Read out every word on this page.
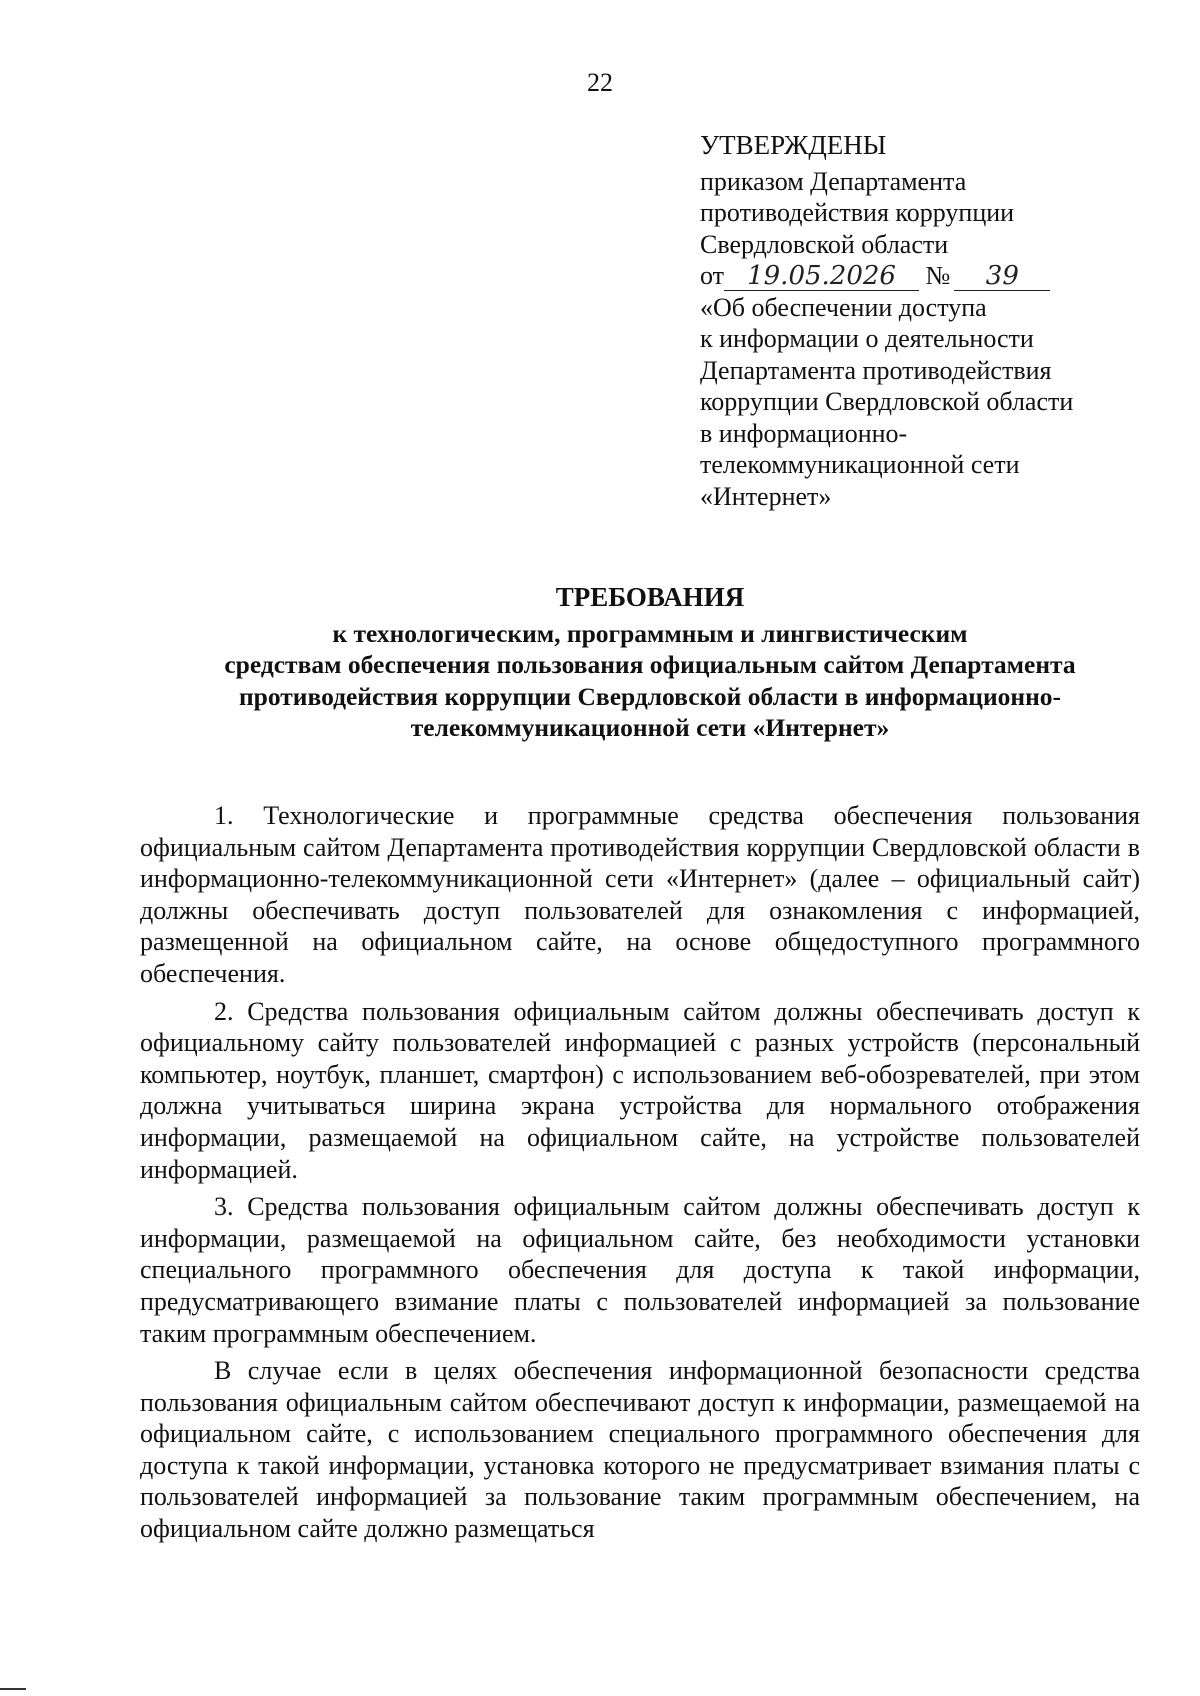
22
УТВЕРЖДЕНЫ
приказом Департамента
противодействия коррупции
Свердловской области
от 19.05.2026 № 39
«Об обеспечении доступа
к информации о деятельности
Департамента противодействия
коррупции Свердловской области
в информационно-
телекоммуникационной сети
«Интернет»
ТРЕБОВАНИЯ
к технологическим, программным и лингвистическим
средствам обеспечения пользования официальным сайтом Департамента
противодействия коррупции Свердловской области в информационно-
телекоммуникационной сети «Интернет»

1. Технологические и программные средства обеспечения пользования официальным сайтом Департамента противодействия коррупции Свердловской области в информационно-телекоммуникационной сети «Интернет» (далее – официальный сайт) должны обеспечивать доступ пользователей для ознакомления с информацией, размещенной на официальном сайте, на основе общедоступного программного обеспечения.

2. Средства пользования официальным сайтом должны обеспечивать доступ к официальному сайту пользователей информацией с разных устройств (персональный компьютер, ноутбук, планшет, смартфон) с использованием веб-обозревателей, при этом должна учитываться ширина экрана устройства для нормального отображения информации, размещаемой на официальном сайте, на устройстве пользователей информацией.

3. Средства пользования официальным сайтом должны обеспечивать доступ к информации, размещаемой на официальном сайте, без необходимости установки специального программного обеспечения для доступа к такой информации, предусматривающего взимание платы с пользователей информацией за пользование таким программным обеспечением.

В случае если в целях обеспечения информационной безопасности средства пользования официальным сайтом обеспечивают доступ к информации, размещаемой на официальном сайте, с использованием специального программного обеспечения для доступа к такой информации, установка которого не предусматривает взимания платы с пользователей информацией за пользование таким программным обеспечением, на официальном сайте должно размещаться
